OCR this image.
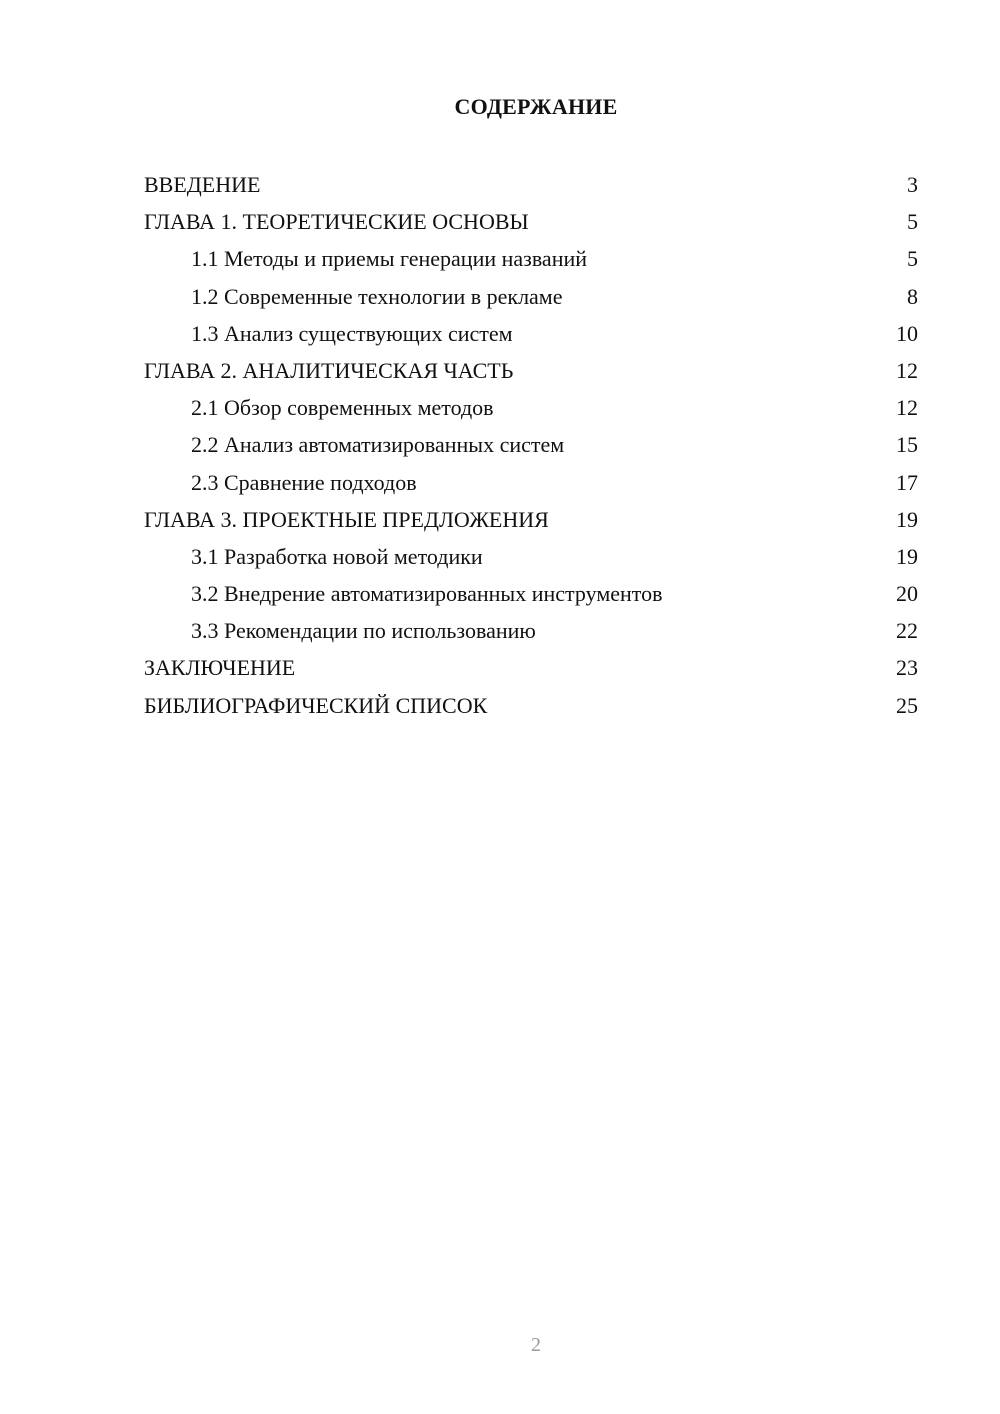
СОДЕРЖАНИЕ
ВВЕДЕНИЕ	3
ГЛАВА 1. ТЕОРЕТИЧЕСКИЕ ОСНОВЫ	5
1.1 Методы и приемы генерации названий	5
1.2 Современные технологии в рекламе	8
1.3 Анализ существующих систем	10
ГЛАВА 2. АНАЛИТИЧЕСКАЯ ЧАСТЬ	12
2.1 Обзор современных методов	12
2.2 Анализ автоматизированных систем	15
2.3 Сравнение подходов	17
ГЛАВА 3. ПРОЕКТНЫЕ ПРЕДЛОЖЕНИЯ	19
3.1 Разработка новой методики	19
3.2 Внедрение автоматизированных инструментов	20
3.3 Рекомендации по использованию	22
ЗАКЛЮЧЕНИЕ	23
БИБЛИОГРАФИЧЕСКИЙ СПИСОК	25
2
